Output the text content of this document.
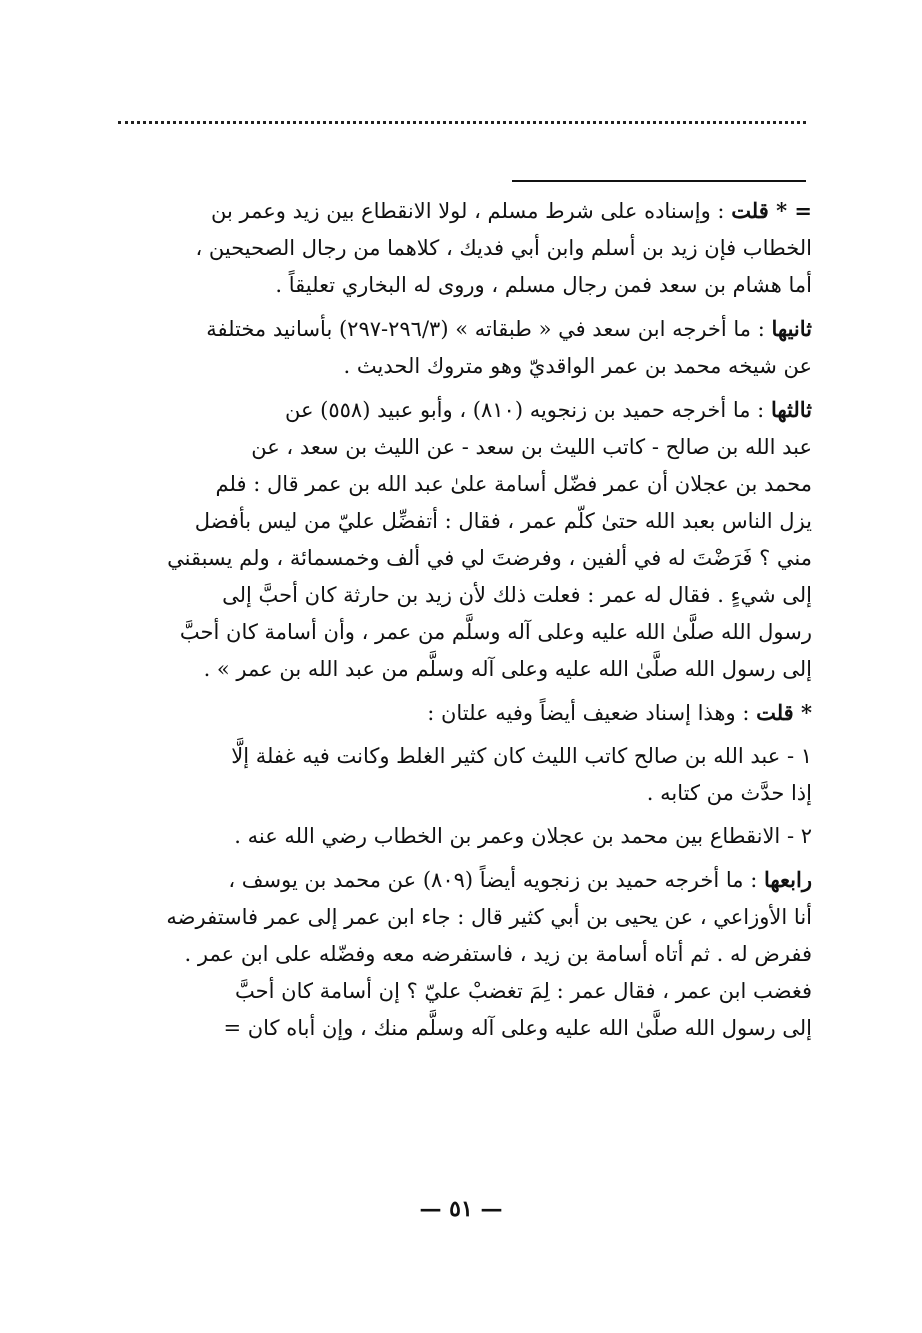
= * قلت : وإسناده على شرط مسلم ، لولا الانقطاع بين زيد وعمر بن

الخطاب فإن زيد بن أسلم وابن أبي فديك ، كلاهما من رجال الصحيحين ،

أما هشام بن سعد فمن رجال مسلم ، وروى له البخاري تعليقاً .

ثانيها : ما أخرجه ابن سعد في « طبقاته » (٢٩٦/٣-٢٩٧) بأسانيد مختلفة

عن شيخه محمد بن عمر الواقديّ وهو متروك الحديث .

ثالثها : ما أخرجه حميد بن زنجويه (٨١٠) ، وأبو عبيد (٥٥٨) عن

عبد الله بن صالح - كاتب الليث بن سعد - عن الليث بن سعد ، عن

محمد بن عجلان أن عمر فضّل أسامة علىٰ عبد الله بن عمر قال : فلم

يزل الناس بعبد الله حتىٰ كلّم عمر ، فقال : أتفضِّل عليّ من ليس بأفضل

مني ؟ فَرَضْتَ له في ألفين ، وفرضتَ لي في ألف وخمسمائة ، ولم يسبقني

إلى شيءٍ . فقال له عمر : فعلت ذلك لأن زيد بن حارثة كان أحبَّ إلى

رسول الله صلَّىٰ الله عليه وعلى آله وسلَّم من عمر ، وأن أسامة كان أحبَّ

إلى رسول الله صلَّىٰ الله عليه وعلى آله وسلَّم من عبد الله بن عمر » .

* قلت : وهذا إسناد ضعيف أيضاً وفيه علتان :

١ - عبد الله بن صالح كاتب الليث كان كثير الغلط وكانت فيه غفلة إلَّا

إذا حدَّث من كتابه .

٢ - الانقطاع بين محمد بن عجلان وعمر بن الخطاب رضي الله عنه .

رابعها : ما أخرجه حميد بن زنجويه أيضاً (٨٠٩) عن محمد بن يوسف ،

أنا الأوزاعي ، عن يحيى بن أبي كثير قال : جاء ابن عمر إلى عمر فاستفرضه

ففرض له . ثم أتاه أسامة بن زيد ، فاستفرضه معه وفضّله على ابن عمر .

فغضب ابن عمر ، فقال عمر : لِمَ تغضبْ عليّ ؟ إن أسامة كان أحبَّ

إلى رسول الله صلَّىٰ الله عليه وعلى آله وسلَّم منك ، وإن أباه كان =

— ٥١ —
